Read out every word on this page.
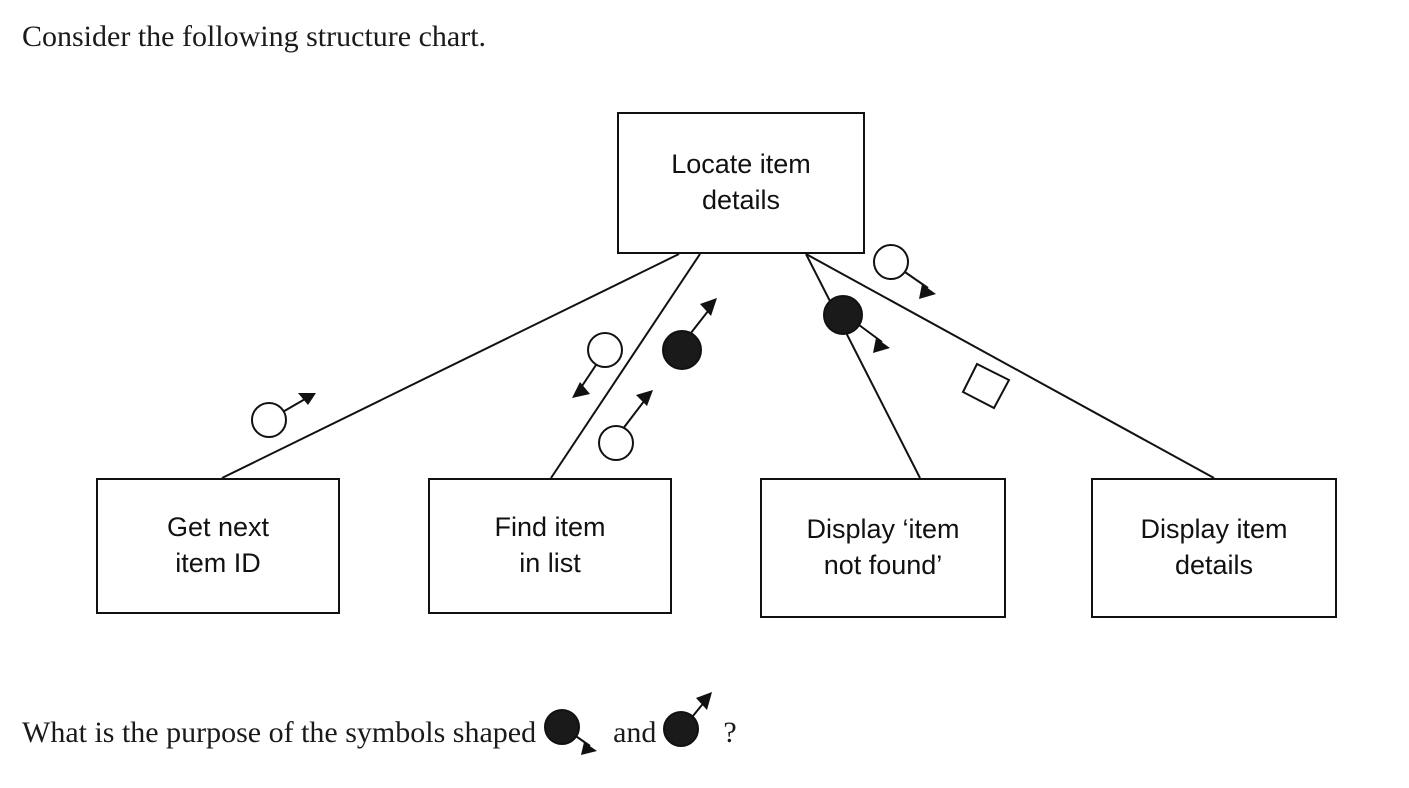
Consider the following structure chart.
Locate item
details
Get next
item ID
Find item
in list
Display ‘item
not found’
Display item
details
What is the purpose of the symbols shaped	and ?
